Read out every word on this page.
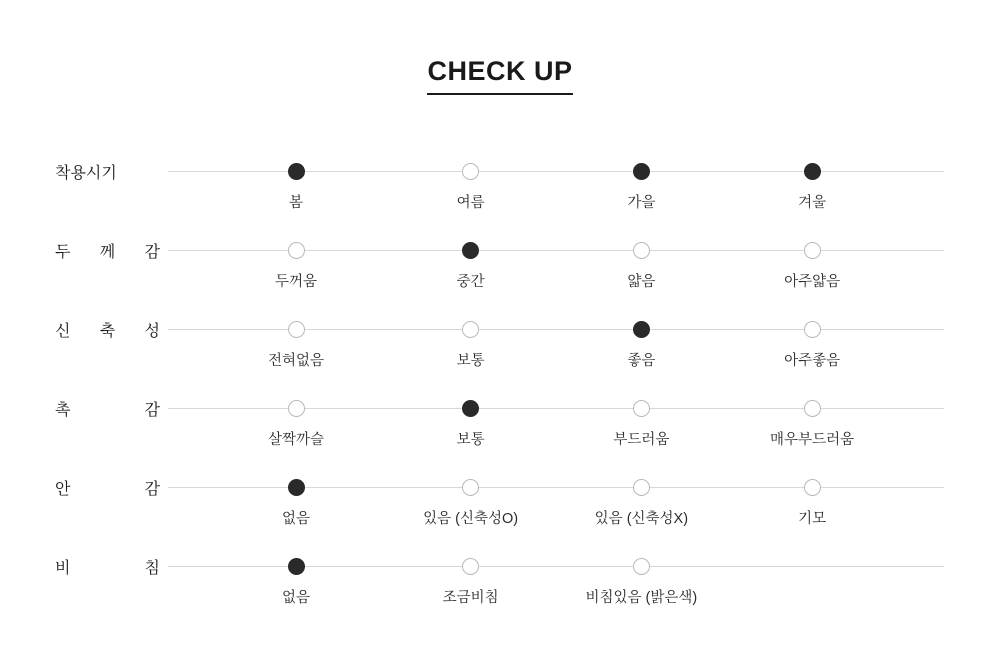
CHECK UP
착용시기
봄	여름	가을	겨울
두 께 감
두꺼움	중간	얇음	아주얇음
신 축 성
전혀없음	보통	좋음	아주좋음
촉	감
살짝까슬	보통	부드러움	매우부드러움
안	감
없음	있음 (신축성O)	있음 (신축성X)	기모
비	침
없음	조금비침	비침있음 (밝은색)
